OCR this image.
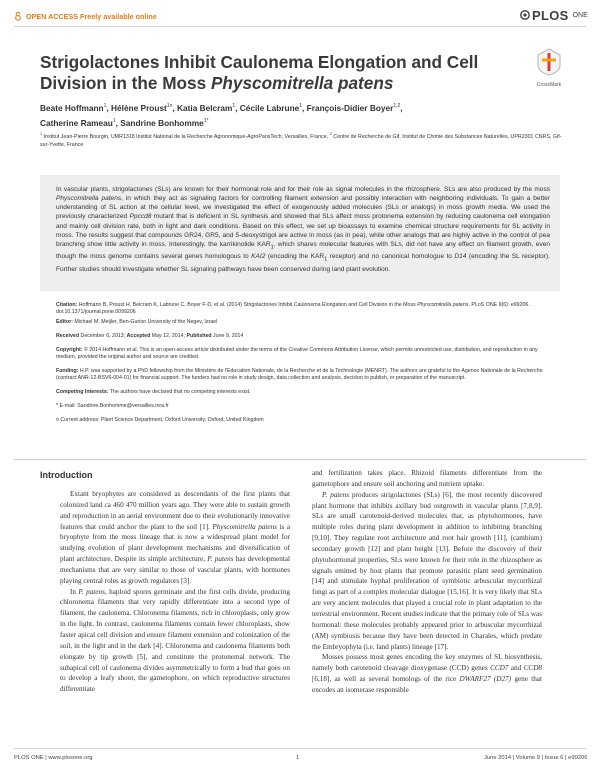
OPEN ACCESS Freely available online	PLOS ONE
Strigolactones Inhibit Caulonema Elongation and Cell
Division in the Moss Physcomitrella patens	CrossMark
Beate Hoffmann$^1$, Hélène Proust$^{1¤}$, Katia Belcram$^1$, Cécile Labrune$^1$, François-Didier Boyer$^{1,2}$,
Catherine Rameau$^1$, Sandrine Bonhomme$^{1*}$
$^1$ Institut Jean-Pierre Bourgin, UMR1318 Institut National de la Recherche Agronomique-AgroParisTech, Versailles, France, $^2$ Centre de Recherche de Gif, Institut de Chimie des Substances Naturelles, UPR2301 CNRS, Gif-sur-Yvette, France
In vascular plants, strigolactones (SLs) are known for their hormonal role and for their role as signal molecules in the rhizosphere. SLs are also produced by the moss Physcomitrella patens, in which they act as signaling factors for controlling filament extension and possibly interaction with neighboring individuals. To gain a better understanding of SL action at the cellular level, we investigated the effect of exogenously added molecules (SLs or analogs) in moss growth media. We used the previously characterized Ppccd8 mutant that is deficient in SL synthesis and showed that SLs affect moss protonema extension by reducing caulonema cell elongation and mainly cell division rate, both in light and dark conditions. Based on this effect, we set up bioassays to examine chemical structure requirements for SL activity in moss. The results suggest that compounds GR24, GR5, and 5-deoxystrigol are active in moss (as in pea), while other analogs that are highly active in the control of pea branching show little activity in moss. Interestingly, the karrikinolide $KAR_1$, which shares molecular features with SLs, did not have any effect on filament growth, even though the moss genome contains several genes homologous to KAI2 (encoding the $KAR_1$ receptor) and no canonical homologue to D14 (encoding the SL receptor). Further studies should investigate whether SL signaling pathways have been conserved during land plant evolution.

Citation: Hoffmann B, Proust H, Belcram K, Labrune C, Boyer F-D, et al. (2014) Strigolactones Inhibit Caulonema Elongation and Cell Division in the Moss Physcomitrella patens. PLoS ONE 9(6): e99206. doi:10.1371/journal.pone.0099206

Editor: Michael M. Meijler, Ben-Gurion University of the Negev, Israel

Received December 6, 2013; Accepted May 12, 2014; Published June 9, 2014

Copyright: © 2014 Hoffmann et al. This is an open-access article distributed under the terms of the Creative Commons Attribution License, which permits unrestricted use, distribution, and reproduction in any medium, provided the original author and source are credited.

Funding: H.P. was supported by a PhD fellowship from the Ministère de l'Education Nationale, de la Recherche et de la Technologie (MENRT). The authors are grateful to the Agence Nationale de la Recherche (contract ANR-12-BSV6-004-01) for financial support. The funders had no role in study design, data collection and analysis, decision to publish, or preparation of the manuscript.

Competing Interests: The authors have declared that no competing interests exist.

* E-mail: Sandrine.Bonhomme@versailles.inra.fr

¤ Current address: Plant Science Department, Oxford University, Oxford, United Kingdom

Introduction

Extant bryophytes are considered as descendants of the first plants that colonized land ca 460 470 million years ago. They were able to sustain growth and reproduction in an aerial environment due to their evolutionarily innovative features that could anchor the plant to the soil [1]. Physcomitrella patens is a bryophyte from the moss lineage that is now a widespread plant model for studying evolution of plant development mechanisms and diversification of plant architecture. Despite its simple architecture, P. patens has developmental mechanisms that are very similar to those of vascular plants, with hormones playing central roles as growth regulators [3].

In P. patens, haploid spores germinate and the first cells divide, producing chloronema filaments that very rapidly differentiate into a second type of filament, the caulonema. Chloronema filaments, rich in chloroplasts, only grow in the light. In contrast, caulonema filaments contain fewer chloroplasts, show faster apical cell division and ensure filament extension and colonization of the soil, in the light and in the dark [4]. Chloronema and caulonema filaments both elongate by tip growth [5], and constitute the protonemal network. The subapical cell of caulonema divides asymmetrically to form a bud that goes on to develop a leafy shoot, the gametophore, on which reproductive structures differentiate

and fertilization takes place. Rhizoid filaments differentiate from the gametophore and ensure soil anchoring and nutrient uptake.

P. patens produces strigolactones (SLs) [6], the most recently discovered plant hormone that inhibits axillary bud outgrowth in vascular plants [7,8,9]. SLs are small carotenoid-derived molecules that, as phytohormones, have multiple roles during plant development in addition to inhibiting branching [9,10]. They regulate root architecture and root hair growth [11], (cambium) secondary growth [12] and plant height [13]. Before the discovery of their phytohormonal properties, SLs were known for their role in the rhizosphere as signals emitted by host plants that promote parasitic plant seed germination [14] and stimulate hyphal proliferation of symbiotic arbuscular mycorrhizal fungi as part of a complex molecular dialogue [15,16]. It is very likely that SLs are very ancient molecules that played a crucial role in plant adaptation to the terrestrial environment. Recent studies indicate that the primary role of SLs was hormonal: these molecules probably appeared prior to arbuscular mycorrhizal (AM) symbiosis because they have been detected in Charales, which predate the Embryophyta (i.e. land plants) lineage [17].

Mosses possess most genes encoding the key enzymes of SL biosynthesis, namely both carotenoid cleavage dioxygenase (CCD) genes CCD7 and CCD8 [6,18], as well as several homologs of the rice DWARF27 (D27) gene that encodes an isomerase responsible

PLOS ONE | www.plosone.org	1	June 2014 | Volume 9 | Issue 6 | e99206
